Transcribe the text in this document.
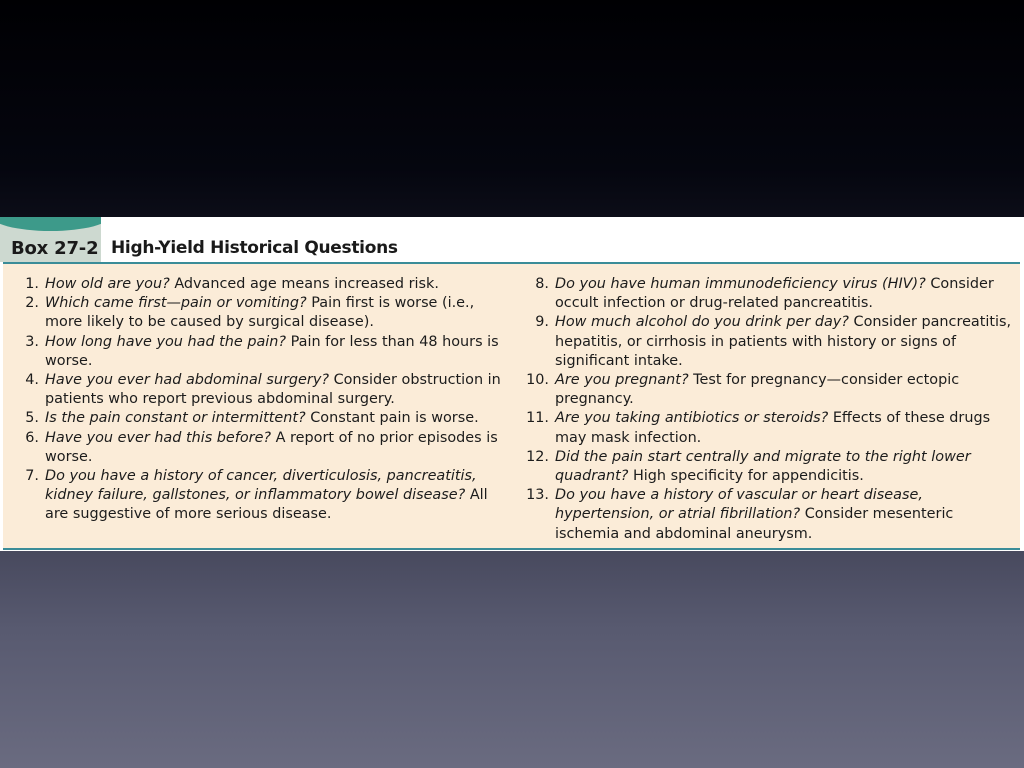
Box 27-2 High-Yield Historical Questions
1. How old are you? Advanced age means increased risk.
2. Which came first—pain or vomiting? Pain first is worse (i.e., more likely to be caused by surgical disease).
3. How long have you had the pain? Pain for less than 48 hours is worse.
4. Have you ever had abdominal surgery? Consider obstruction in patients who report previous abdominal surgery.
5. Is the pain constant or intermittent? Constant pain is worse.
6. Have you ever had this before? A report of no prior episodes is worse.
7. Do you have a history of cancer, diverticulosis, pancreatitis, kidney failure, gallstones, or inflammatory bowel disease? All are suggestive of more serious disease.
8. Do you have human immunodeficiency virus (HIV)? Consider occult infection or drug-related pancreatitis.
9. How much alcohol do you drink per day? Consider pancreatitis, hepatitis, or cirrhosis in patients with history or signs of significant intake.
10. Are you pregnant? Test for pregnancy—consider ectopic pregnancy.
11. Are you taking antibiotics or steroids? Effects of these drugs may mask infection.
12. Did the pain start centrally and migrate to the right lower quadrant? High specificity for appendicitis.
13. Do you have a history of vascular or heart disease, hypertension, or atrial fibrillation? Consider mesenteric ischemia and abdominal aneurysm.
